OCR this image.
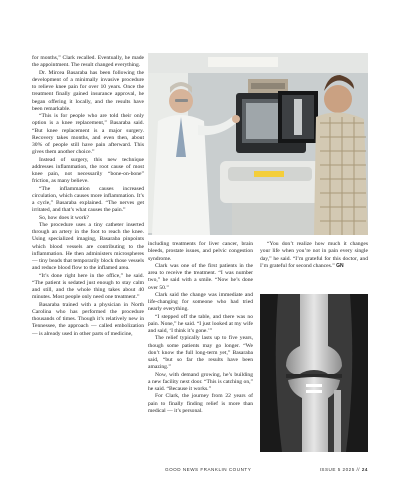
for months,” Clark recalled. Eventually, he made the appointment. The result changed everything.

Dr. Mircea Basaraba has been following the development of a minimally invasive procedure to relieve knee pain for over 10 years. Once the treatment finally gained insurance approval, he began offering it locally, and the results have been remarkable.

“This is for people who are told their only option is a knee replacement,” Basaraba said. “But knee replacement is a major surgery. Recovery takes months, and even then, about 30% of people still have pain afterward. This gives them another choice.”

Instead of surgery, this new technique addresses inflammation, the root cause of most knee pain, not necessarily “bone-on-bone” friction, as many believe.

“The inflammation causes increased circulation, which causes more inflammation. It’s a cycle,” Basaraba explained. “The nerves get irritated, and that’s what causes the pain.”

So, how does it work?

The procedure uses a tiny catheter inserted through an artery in the foot to reach the knee. Using specialized imaging, Basaraba pinpoints which blood vessels are contributing to the inflammation. He then administers microspheres — tiny beads that temporarily block those vessels and reduce blood flow to the inflamed area.

“It’s done right here in the office,” he said. “The patient is sedated just enough to stay calm and still, and the whole thing takes about 40 minutes. Most people only need one treatment.”

Basaraba trained with a physician in North Carolina who has performed the procedure thousands of times. Though it’s relatively new in Tennessee, the approach — called embolization — is already used in other parts of medicine,

including treatments for liver cancer, brain bleeds, prostate issues, and pelvic congestion syndrome.

Clark was one of the first patients in the area to receive the treatment. “I was number two,” he said with a smile. “Now he’s done over 50.”

Clark said the change was immediate and life-changing for someone who had tried nearly everything.

“I stepped off the table, and there was no pain. None,” he said. “I just looked at my wife and said, ‘I think it’s gone.’”

The relief typically lasts up to five years, though some patients may go longer. “We don’t know the full long-term yet,” Basaraba said, “but so far the results have been amazing.”

Now, with demand growing, he’s building a new facility next door. “This is catching on,” he said. “Because it works.”

For Clark, the journey from 22 years of pain to finally finding relief is more than medical — it’s personal.

“You don’t realize how much it changes your life when you’re not in pain every single day,” he said. “I’m grateful for this doctor, and I’m grateful for second chances.” GN

GOOD NEWS FRANKLIN COUNTY	ISSUE 5 2025 // 24
